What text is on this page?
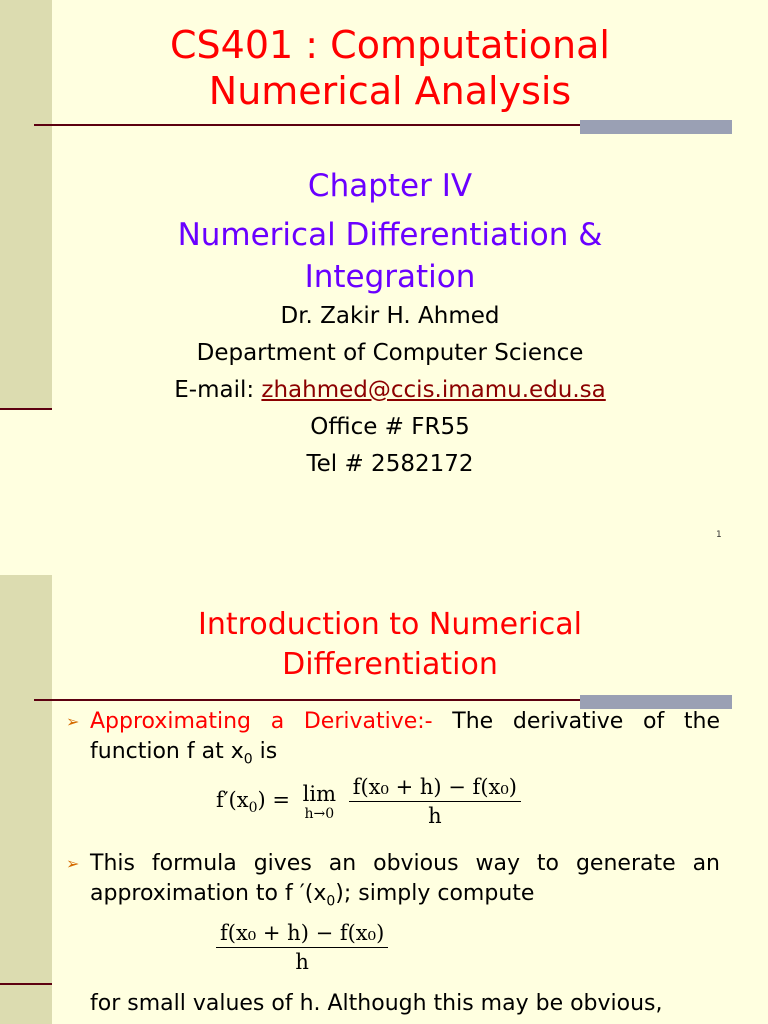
CS401 : Computational
Numerical Analysis
Chapter IV
Numerical Differentiation &
Integration
Dr. Zakir H. Ahmed
Department of Computer Science
E-mail: zhahmed@ccis.imamu.edu.sa
Office # FR55
Tel # 2582172
1
Introduction to Numerical
Differentiation
➢ Approximating a Derivative:- The derivative of the function f at $x_0$ is
$f'(x_0) = \lim$
h→0
$\frac{\text{f(x₀ + h) − f(x₀)}}{h}$
➢ This formula gives an obvious way to generate an approximation to f $'(x_0)$; simply compute
$\frac{\text{f(x₀ + h) − f(x₀)}}{h}$
for small values of h. Although this may be obvious,
